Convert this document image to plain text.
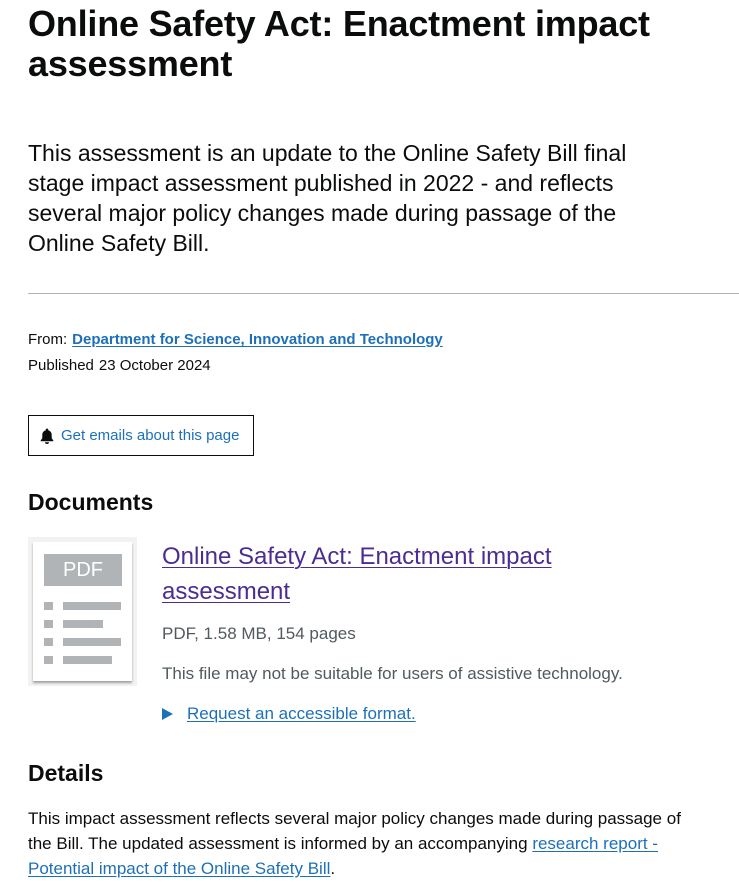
Online Safety Act: Enactment impact assessment

This assessment is an update to the Online Safety Bill final stage impact assessment published in 2022 - and reflects several major policy changes made during passage of the Online Safety Bill.

From: Department for Science, Innovation and Technology
Published 23 October 2024
Get emails about this page
Documents
PDF	Online Safety Act: Enactment impact assessment
PDF, 1.58 MB, 154 pages
This file may not be suitable for users of assistive technology.
Request an accessible format.
Details
This impact assessment reflects several major policy changes made during passage of the Bill. The updated assessment is informed by an accompanying research report - Potential impact of the Online Safety Bill.
